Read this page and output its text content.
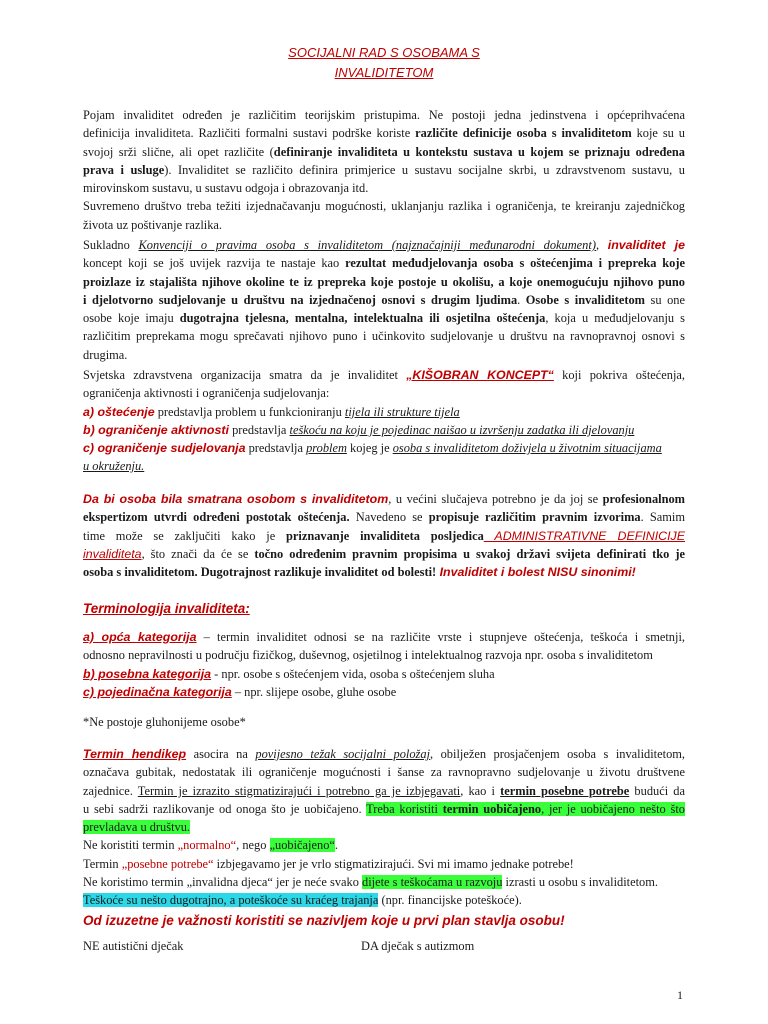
SOCIJALNI RAD S OSOBAMA S
INVALIDITETOM
Pojam invaliditet određen je različitim teorijskim pristupima. Ne postoji jedna jedinstvena i općeprihvaćena
definicija invaliditeta. Različiti formalni sustavi podrške koriste različite definicije osoba s invaliditetom koje su u
svojoj srži slične, ali opet različite (definiranje invaliditeta u kontekstu sustava u kojem se priznaju određena
prava i usluge). Invaliditet se različito definira primjerice u sustavu socijalne skrbi, u zdravstvenom sustavu, u
mirovinskom sustavu, u sustavu odgoja i obrazovanja itd.
Suvremeno društvo treba težiti izjednačavanju mogućnosti, uklanjanju razlika i ograničenja, te kreiranju zajedničkog
života uz poštivanje razlika.
Sukladno Konvenciji o pravima osoba s invaliditetom (najznačajniji međunarodni dokument), invaliditet je
koncept koji se još uvijek razvija te nastaje kao rezultat međudjelovanja osoba s oštećenjima i prepreka koje
proizlaze iz stajališta njihove okoline te iz prepreka koje postoje u okolišu, a koje onemogućuju njihovo puno
i djelotvorno sudjelovanje u društvu na izjednačenoj osnovi s drugim ljudima. Osobe s invaliditetom su one
osobe koje imaju dugotrajna tjelesna, mentalna, intelektualna ili osjetilna oštećenja, koja u međudjelovanju s
različitim preprekama mogu sprečavati njihovo puno i učinkovito sudjelovanje u društvu na ravnopravnoj osnovi s
drugima.
Svjetska zdravstvena organizacija smatra da je invaliditet „KIŠOBRAN KONCEPT“ koji pokriva oštećenja,
ograničenja aktivnosti i ograničenja sudjelovanja:
a) oštećenje predstavlja problem u funkcioniranju tijela ili strukture tijela
b) ograničenje aktivnosti predstavlja teškoću na koju je pojedinac naišao u izvršenju zadatka ili djelovanju
c) ograničenje sudjelovanja predstavlja problem kojeg je osoba s invaliditetom doživjela u životnim situacijama
u okruženju.
Da bi osoba bila smatrana osobom s invaliditetom, u većini slučajeva potrebno je da joj se profesionalnom
ekspertizom utvrdi određeni postotak oštećenja. Navedeno se propisuje različitim pravnim izvorima. Samim
time može se zaključiti kako je priznavanje invaliditeta posljedica ADMINISTRATIVNE DEFINICIJE
invaliditeta, što znači da će se točno određenim pravnim propisima u svakoj državi svijeta definirati tko je
osoba s invaliditetom. Dugotrajnost razlikuje invaliditet od bolesti! Invaliditet i bolest NISU sinonimi!
Terminologija invaliditeta:
a) opća kategorija – termin invaliditet odnosi se na različite vrste i stupnjeve oštećenja, teškoća i smetnji,
odnosno nepravilnosti u području fizičkog, duševnog, osjetilnog i intelektualnog razvoja npr. osoba s invaliditetom
b) posebna kategorija - npr. osobe s oštećenjem vida, osoba s oštećenjem sluha
c) pojedinačna kategorija – npr. slijepe osobe, gluhe osobe
*Ne postoje gluhonijeme osobe*
Termin hendikep asocira na povijesno težak socijalni položaj, obilježen prosjačenjem osoba s invaliditetom,
označava gubitak, nedostatak ili ograničenje mogućnosti i šanse za ravnopravno sudjelovanje u životu društvene
zajednice. Termin je izrazito stigmatizirajući i potrebno ga je izbjegavati, kao i termin posebne potrebe budući da
u sebi sadrži razlikovanje od onoga što je uobičajeno. Treba koristiti termin uobičajeno, jer je uobičajeno nešto što
prevladava u društvu.
Ne koristiti termin „normalno“, nego „uobičajeno“.
Termin „posebne potrebe“ izbjegavamo jer je vrlo stigmatizirajući. Svi mi imamo jednake potrebe!
Ne koristimo termin „invalidna djeca“ jer je neće svako dijete s teškoćama u razvoju izrasti u osobu s invaliditetom.
Teškoće su nešto dugotrajno, a poteškoće su kraćeg trajanja (npr. financijske poteškoće).
Od izuzetne je važnosti koristiti se nazivljem koje u prvi plan stavlja osobu!
NE autistični dječak	DA dječak s autizmom
1
